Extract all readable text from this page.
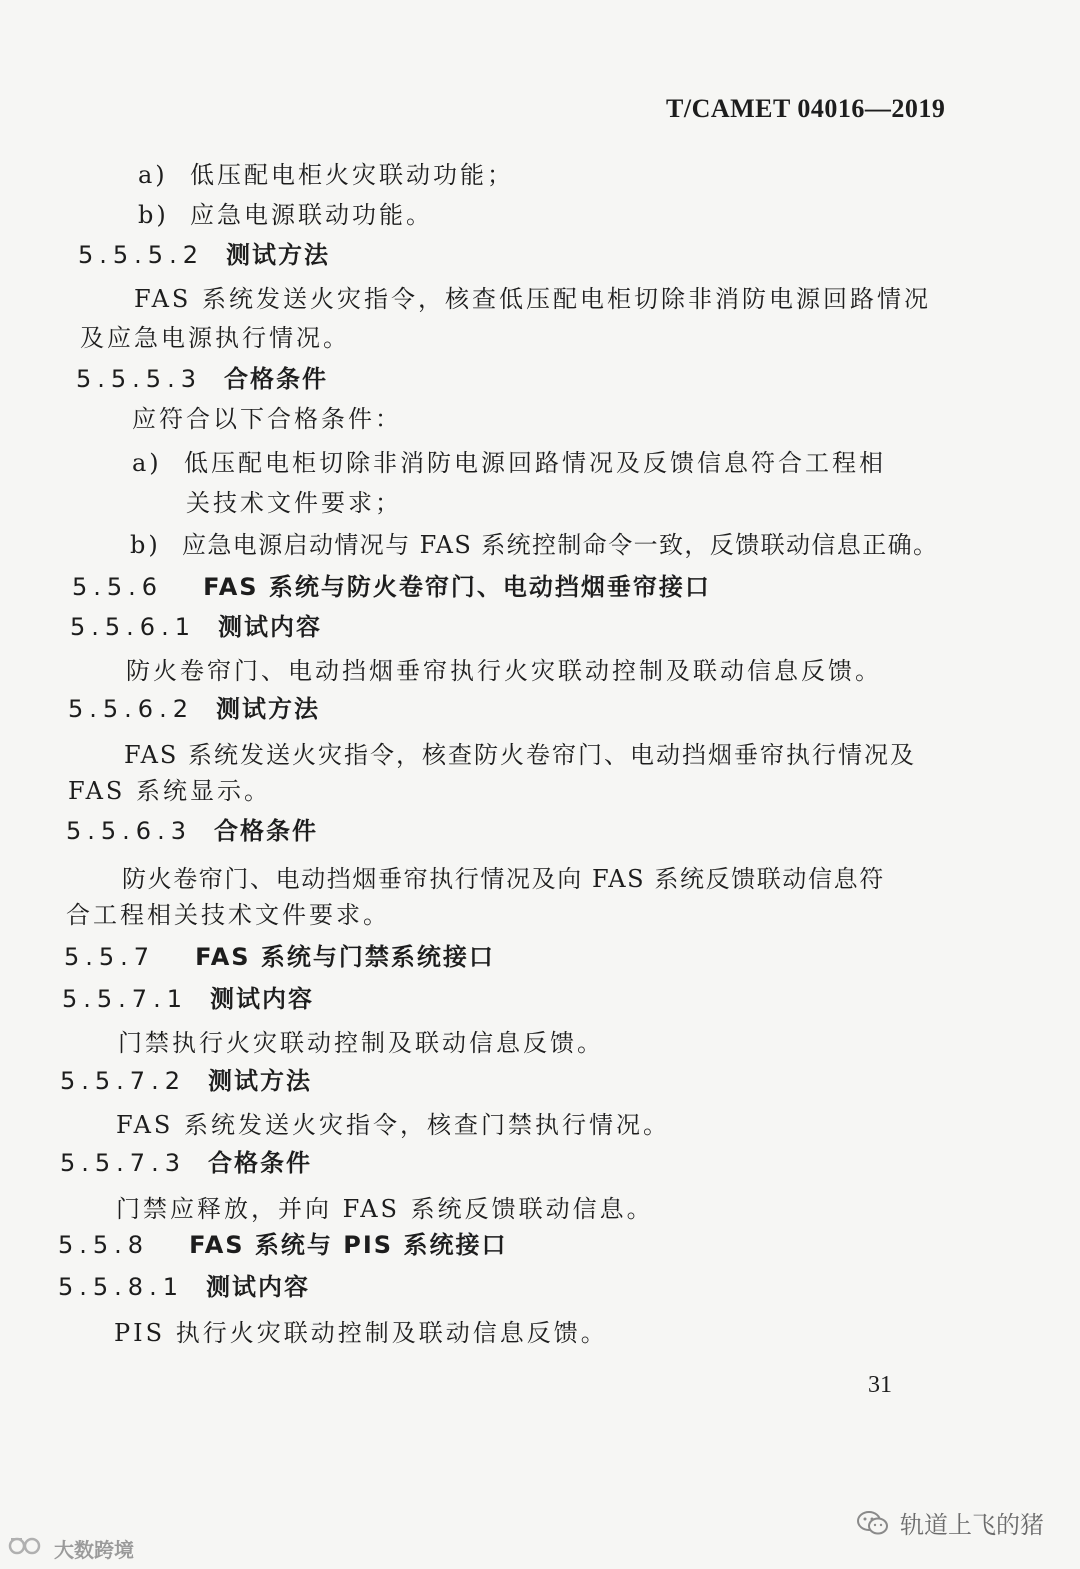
T/CAMET 04016—2019
a) 低压配电柜火灾联动功能；
b) 应急电源联动功能。
5.5.5.2 测试方法
FAS 系统发送火灾指令，核查低压配电柜切除非消防电源回路情况
及应急电源执行情况。
5.5.5.3 合格条件
应符合以下合格条件：
a) 低压配电柜切除非消防电源回路情况及反馈信息符合工程相
关技术文件要求；
b) 应急电源启动情况与 FAS 系统控制命令一致，反馈联动信息正确。
5.5.6 FAS 系统与防火卷帘门、电动挡烟垂帘接口
5.5.6.1 测试内容
防火卷帘门、电动挡烟垂帘执行火灾联动控制及联动信息反馈。
5.5.6.2 测试方法
FAS 系统发送火灾指令，核查防火卷帘门、电动挡烟垂帘执行情况及
FAS 系统显示。
5.5.6.3 合格条件
防火卷帘门、电动挡烟垂帘执行情况及向 FAS 系统反馈联动信息符
合工程相关技术文件要求。
5.5.7 FAS 系统与门禁系统接口
5.5.7.1 测试内容
门禁执行火灾联动控制及联动信息反馈。
5.5.7.2 测试方法
FAS 系统发送火灾指令，核查门禁执行情况。
5.5.7.3 合格条件
门禁应释放，并向 FAS 系统反馈联动信息。
5.5.8 FAS 系统与 PIS 系统接口
5.5.8.1 测试内容
PIS 执行火灾联动控制及联动信息反馈。
31
轨道上飞的猪
大数跨境
